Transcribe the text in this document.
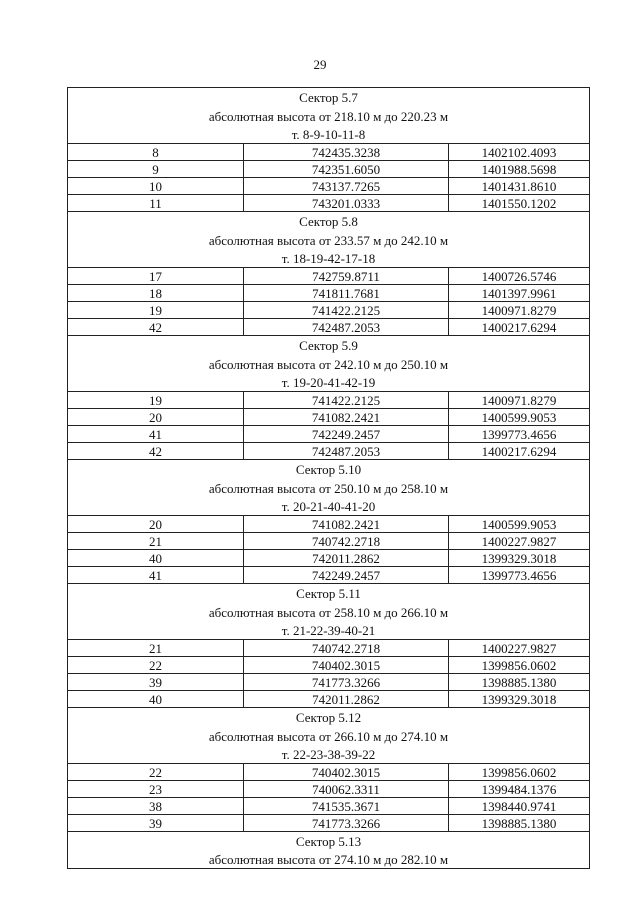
29
Сектор 5.7		
абсолютная высота от 218.10 м до 220.23 м		
т. 8-9-10-11-8		
8	742435.3238	1402102.4093
9	742351.6050	1401988.5698
10	743137.7265	1401431.8610
11	743201.0333	1401550.1202
Сектор 5.8		
абсолютная высота от 233.57 м до 242.10 м		
т. 18-19-42-17-18		
17	742759.8711	1400726.5746
18	741811.7681	1401397.9961
19	741422.2125	1400971.8279
42	742487.2053	1400217.6294
Сектор 5.9		
абсолютная высота от 242.10 м до 250.10 м		
т. 19-20-41-42-19		
19	741422.2125	1400971.8279
20	741082.2421	1400599.9053
41	742249.2457	1399773.4656
42	742487.2053	1400217.6294
Сектор 5.10		
абсолютная высота от 250.10 м до 258.10 м		
т. 20-21-40-41-20		
20	741082.2421	1400599.9053
21	740742.2718	1400227.9827
40	742011.2862	1399329.3018
41	742249.2457	1399773.4656
Сектор 5.11		
абсолютная высота от 258.10 м до 266.10 м		
т. 21-22-39-40-21		
21	740742.2718	1400227.9827
22	740402.3015	1399856.0602
39	741773.3266	1398885.1380
40	742011.2862	1399329.3018
Сектор 5.12		
абсолютная высота от 266.10 м до 274.10 м		
т. 22-23-38-39-22		
22	740402.3015	1399856.0602
23	740062.3311	1399484.1376
38	741535.3671	1398440.9741
39	741773.3266	1398885.1380
Сектор 5.13		
абсолютная высота от 274.10 м до 282.10 м		
